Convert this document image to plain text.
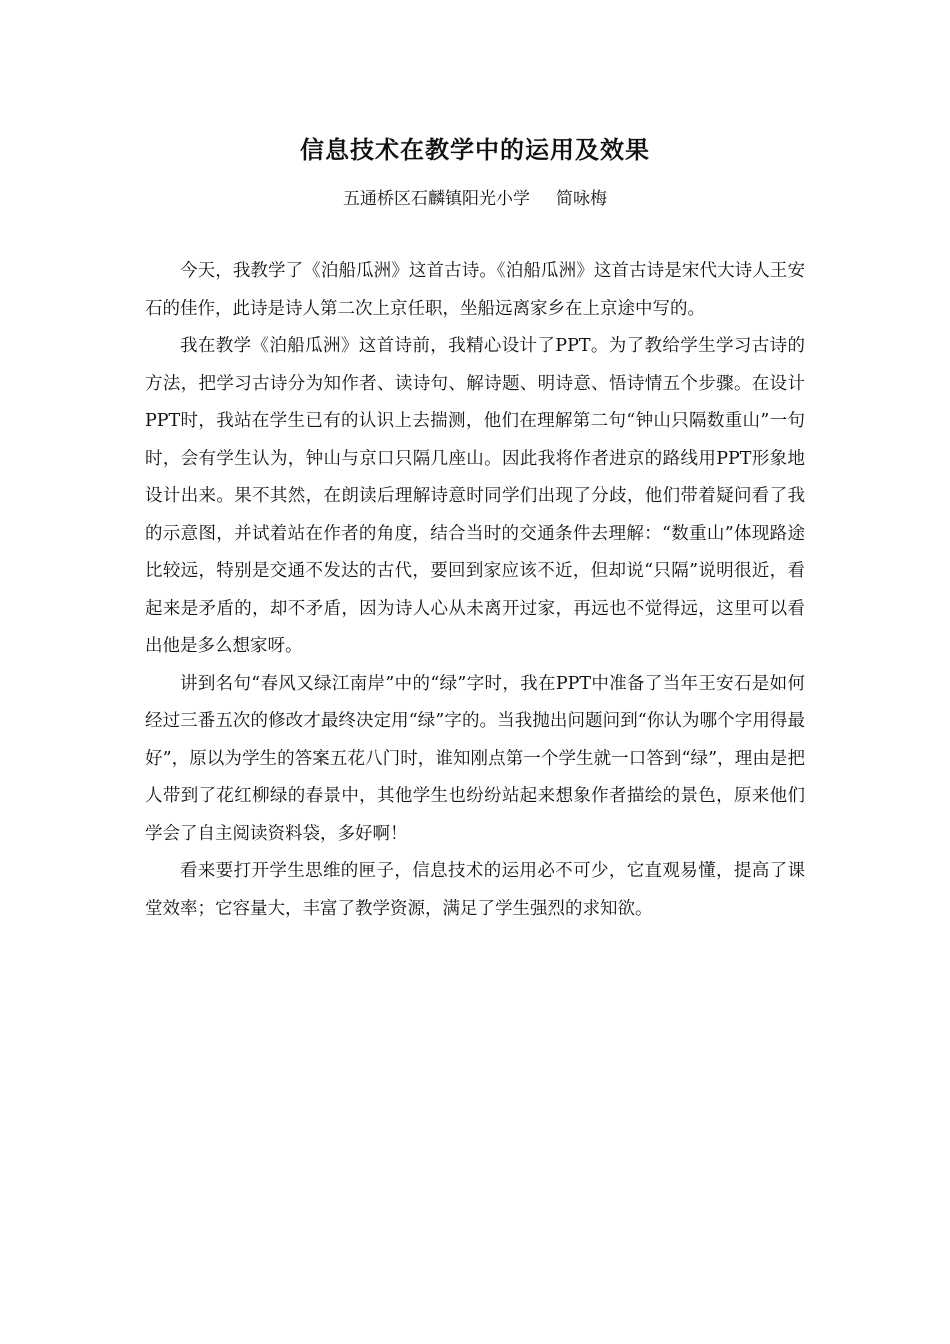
信息技术在教学中的运用及效果
五通桥区石麟镇阳光小学 简咏梅

今天，我教学了《泊船瓜洲》这首古诗。《泊船瓜洲》这首古诗是宋代大诗人王安石的佳作，此诗是诗人第二次上京任职，坐船远离家乡在上京途中写的。

我在教学《泊船瓜洲》这首诗前，我精心设计了PPT。为了教给学生学习古诗的方法，把学习古诗分为知作者、读诗句、解诗题、明诗意、悟诗情五个步骤。在设计PPT时，我站在学生已有的认识上去揣测，他们在理解第二句“钟山只隔数重山”一句时，会有学生认为，钟山与京口只隔几座山。因此我将作者进京的路线用PPT形象地设计出来。果不其然，在朗读后理解诗意时同学们出现了分歧，他们带着疑问看了我的示意图，并试着站在作者的角度，结合当时的交通条件去理解：“数重山”体现路途比较远，特别是交通不发达的古代，要回到家应该不近，但却说“只隔”说明很近，看起来是矛盾的，却不矛盾，因为诗人心从未离开过家，再远也不觉得远，这里可以看出他是多么想家呀。

讲到名句“春风又绿江南岸”中的“绿”字时，我在PPT中准备了当年王安石是如何经过三番五次的修改才最终决定用“绿”字的。当我抛出问题问到“你认为哪个字用得最好”，原以为学生的答案五花八门时，谁知刚点第一个学生就一口答到“绿”，理由是把人带到了花红柳绿的春景中，其他学生也纷纷站起来想象作者描绘的景色，原来他们学会了自主阅读资料袋，多好啊！

看来要打开学生思维的匣子，信息技术的运用必不可少，它直观易懂，提高了课堂效率；它容量大，丰富了教学资源，满足了学生强烈的求知欲。
